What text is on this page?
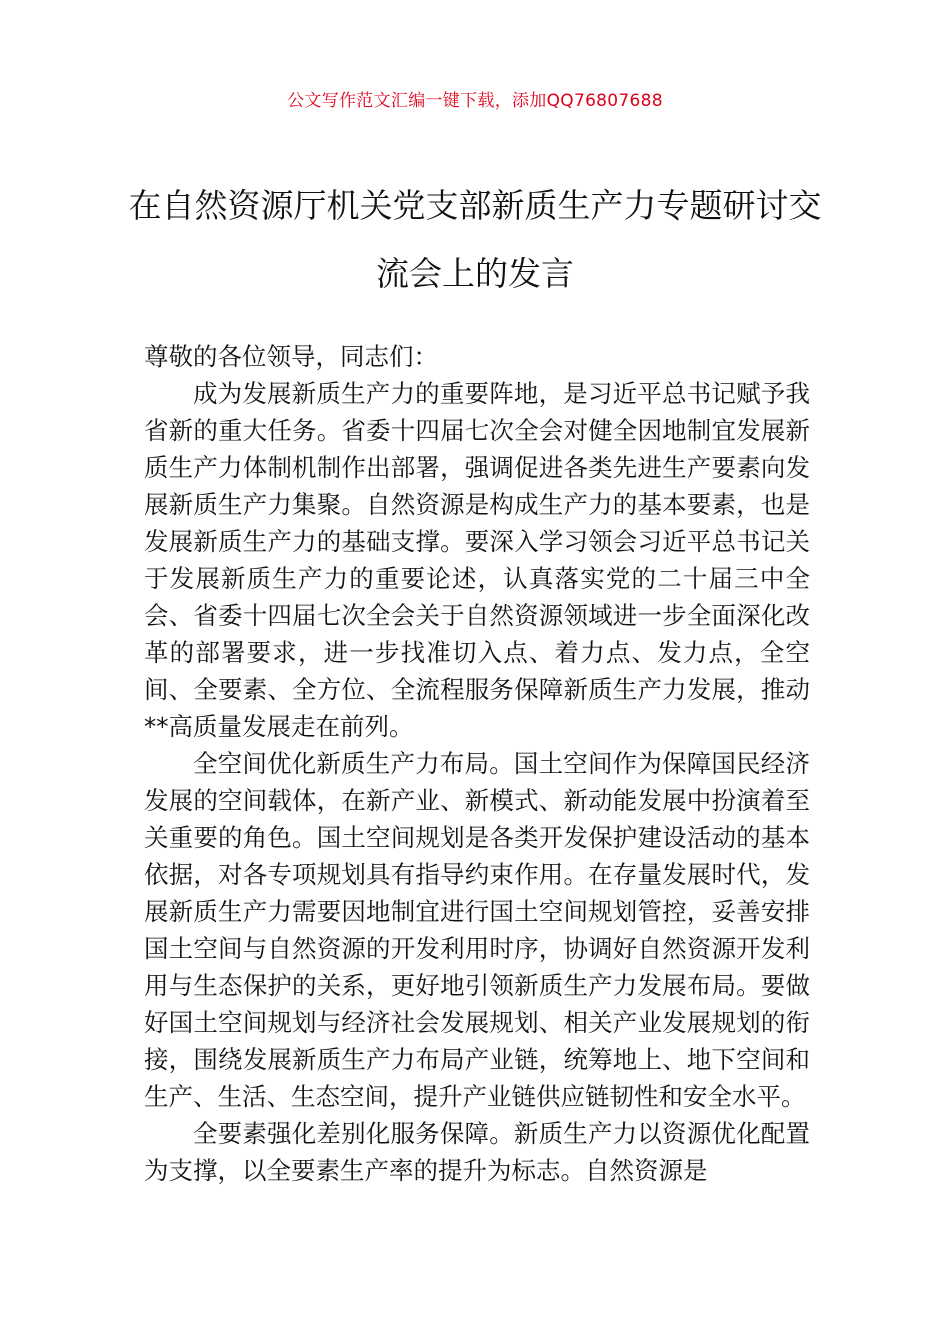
公文写作范文汇编一键下载，添加QQ76807688
在自然资源厅机关党支部新质生产力专题研讨交流会上的发言

尊敬的各位领导，同志们：

成为发展新质生产力的重要阵地，是习近平总书记赋予我省新的重大任务。省委十四届七次全会对健全因地制宜发展新质生产力体制机制作出部署，强调促进各类先进生产要素向发展新质生产力集聚。自然资源是构成生产力的基本要素，也是发展新质生产力的基础支撑。要深入学习领会习近平总书记关于发展新质生产力的重要论述，认真落实党的二十届三中全会、省委十四届七次全会关于自然资源领域进一步全面深化改革的部署要求，进一步找准切入点、着力点、发力点，全空间、全要素、全方位、全流程服务保障新质生产力发展，推动**高质量发展走在前列。

全空间优化新质生产力布局。国土空间作为保障国民经济发展的空间载体，在新产业、新模式、新动能发展中扮演着至关重要的角色。国土空间规划是各类开发保护建设活动的基本依据，对各专项规划具有指导约束作用。在存量发展时代，发展新质生产力需要因地制宜进行国土空间规划管控，妥善安排国土空间与自然资源的开发利用时序，协调好自然资源开发利用与生态保护的关系，更好地引领新质生产力发展布局。要做好国土空间规划与经济社会发展规划、相关产业发展规划的衔接，围绕发展新质生产力布局产业链，统筹地上、地下空间和生产、生活、生态空间，提升产业链供应链韧性和安全水平。

全要素强化差别化服务保障。新质生产力以资源优化配置为支撑，以全要素生产率的提升为标志。自然资源是
